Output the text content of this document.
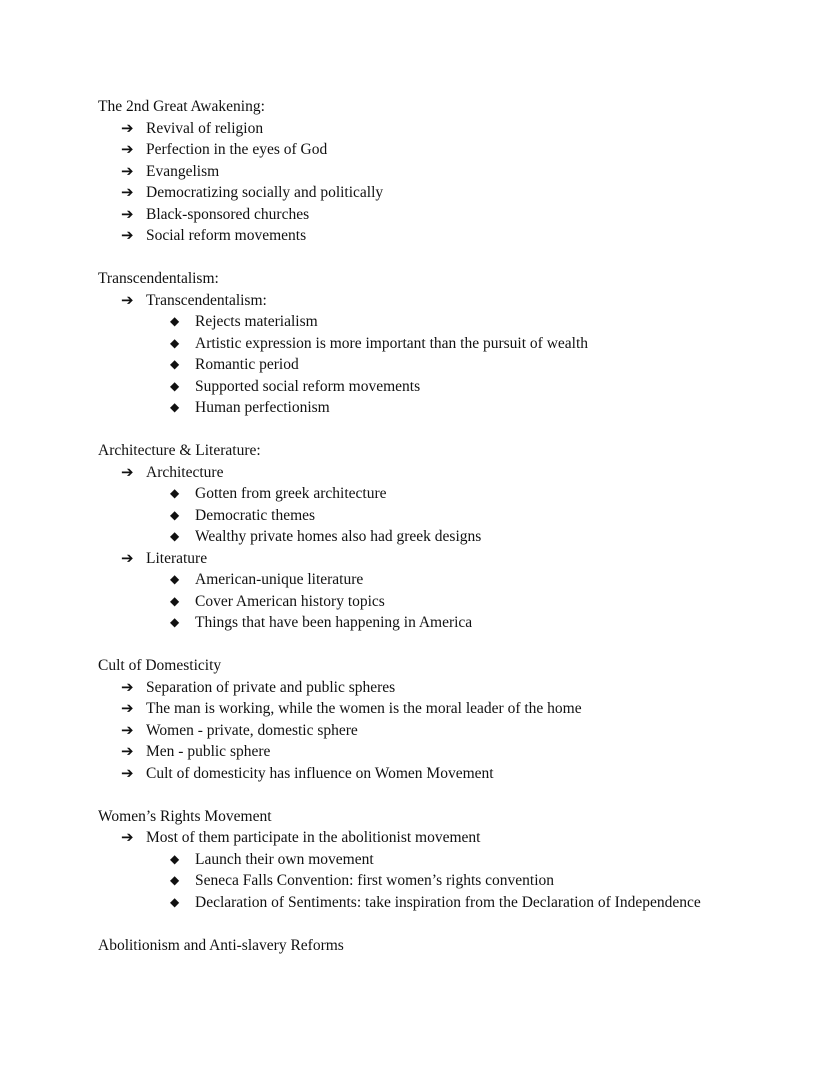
The 2nd Great Awakening:
➔ Revival of religion
➔ Perfection in the eyes of God
➔ Evangelism
➔ Democratizing socially and politically
➔ Black-sponsored churches
➔ Social reform movements
Transcendentalism:
➔ Transcendentalism:
◆ Rejects materialism
◆ Artistic expression is more important than the pursuit of wealth
◆ Romantic period
◆ Supported social reform movements
◆ Human perfectionism
Architecture & Literature:
➔ Architecture
◆ Gotten from greek architecture
◆ Democratic themes
◆ Wealthy private homes also had greek designs
➔ Literature
◆ American-unique literature
◆ Cover American history topics
◆ Things that have been happening in America
Cult of Domesticity
➔ Separation of private and public spheres
➔ The man is working, while the women is the moral leader of the home
➔ Women - private, domestic sphere
➔ Men - public sphere
➔ Cult of domesticity has influence on Women Movement
Women’s Rights Movement
➔ Most of them participate in the abolitionist movement
◆ Launch their own movement
◆ Seneca Falls Convention: first women’s rights convention
◆ Declaration of Sentiments: take inspiration from the Declaration of Independence
Abolitionism and Anti-slavery Reforms
